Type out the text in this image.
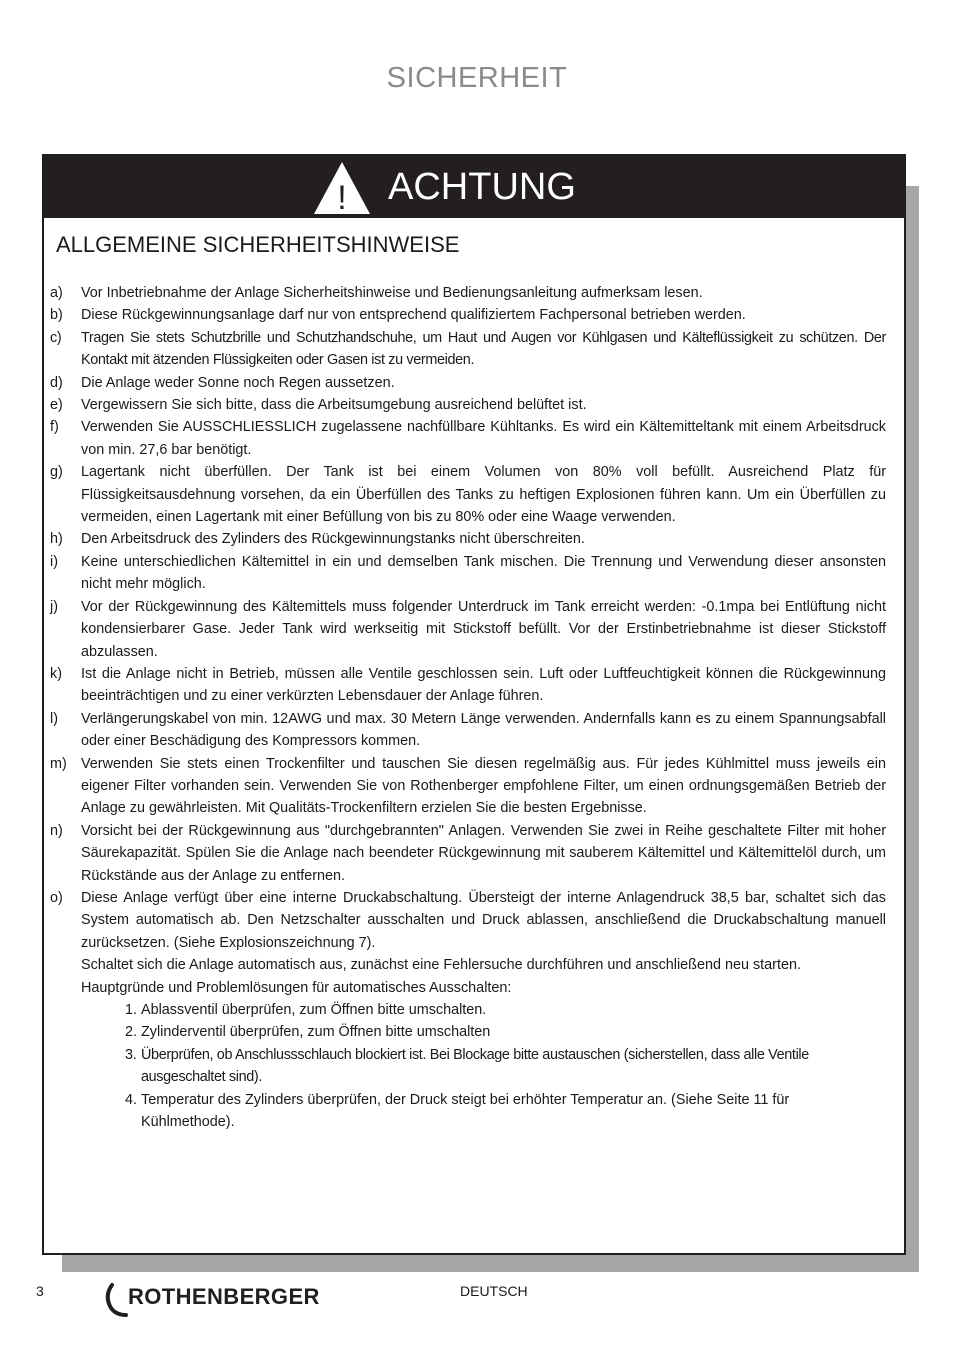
SICHERHEIT
! ACHTUNG
ALLGEMEINE SICHERHEITSHINWEISE
a) Vor Inbetriebnahme der Anlage Sicherheitshinweise und Bedienungsanleitung aufmerksam lesen.
b) Diese Rückgewinnungsanlage darf nur von entsprechend qualifiziertem Fachpersonal betrieben werden.
c) Tragen Sie stets Schutzbrille und Schutzhandschuhe, um Haut und Augen vor Kühlgasen und Kälteflüssigkeit zu schützen. Der Kontakt mit ätzenden Flüssigkeiten oder Gasen ist zu vermeiden.
d) Die Anlage weder Sonne noch Regen aussetzen.
e) Vergewissern Sie sich bitte, dass die Arbeitsumgebung ausreichend belüftet ist.
f) Verwenden Sie AUSSCHLIESSLICH zugelassene nachfüllbare Kühltanks. Es wird ein Kältemitteltank mit einem Arbeitsdruck von min. 27,6 bar benötigt.
g) Lagertank nicht überfüllen. Der Tank ist bei einem Volumen von 80% voll befüllt. Ausreichend Platz für Flüssigkeitsausdehnung vorsehen, da ein Überfüllen des Tanks zu heftigen Explosionen führen kann. Um ein Überfüllen zu vermeiden, einen Lagertank mit einer Befüllung von bis zu 80% oder eine Waage verwenden.
h) Den Arbeitsdruck des Zylinders des Rückgewinnungstanks nicht überschreiten.
i) Keine unterschiedlichen Kältemittel in ein und demselben Tank mischen. Die Trennung und Verwendung dieser ansonsten nicht mehr möglich.
j) Vor der Rückgewinnung des Kältemittels muss folgender Unterdruck im Tank erreicht werden: -0.1mpa bei Entlüftung nicht kondensierbarer Gase. Jeder Tank wird werkseitig mit Stickstoff befüllt. Vor der Erstinbetriebnahme ist dieser Stickstoff abzulassen.
k) Ist die Anlage nicht in Betrieb, müssen alle Ventile geschlossen sein. Luft oder Luftfeuchtigkeit können die Rückgewinnung beeinträchtigen und zu einer verkürzten Lebensdauer der Anlage führen.
l) Verlängerungskabel von min. 12AWG und max. 30 Metern Länge verwenden. Andernfalls kann es zu einem Spannungsabfall oder einer Beschädigung des Kompressors kommen.
m) Verwenden Sie stets einen Trockenfilter und tauschen Sie diesen regelmäßig aus. Für jedes Kühlmittel muss jeweils ein eigener Filter vorhanden sein. Verwenden Sie von Rothenberger empfohlene Filter, um einen ordnungsgemäßen Betrieb der Anlage zu gewährleisten. Mit Qualitäts-Trockenfiltern erzielen Sie die besten Ergebnisse.
n) Vorsicht bei der Rückgewinnung aus "durchgebrannten" Anlagen. Verwenden Sie zwei in Reihe geschaltete Filter mit hoher Säurekapazität. Spülen Sie die Anlage nach beendeter Rückgewinnung mit sauberem Kältemittel und Kältemittelöl durch, um Rückstände aus der Anlage zu entfernen.
o) Diese Anlage verfügt über eine interne Druckabschaltung. Übersteigt der interne Anlagendruck 38,5 bar, schaltet sich das System automatisch ab. Den Netzschalter ausschalten und Druck ablassen, anschließend die Druckabschaltung manuell zurücksetzen. (Siehe Explosionszeichnung 7).
Schaltet sich die Anlage automatisch aus, zunächst eine Fehlersuche durchführen und anschließend neu starten.
Hauptgründe und Problemlösungen für automatisches Ausschalten:
1. Ablassventil überprüfen, zum Öffnen bitte umschalten.
2. Zylinderventil überprüfen, zum Öffnen bitte umschalten
3. Überprüfen, ob Anschlussschlauch blockiert ist. Bei Blockage bitte austauschen (sicherstellen, dass alle Ventile ausgeschaltet sind).
4. Temperatur des Zylinders überprüfen, der Druck steigt bei erhöhter Temperatur an. (Siehe Seite 11 für Kühlmethode).
3	ROTHENBERGER	DEUTSCH
